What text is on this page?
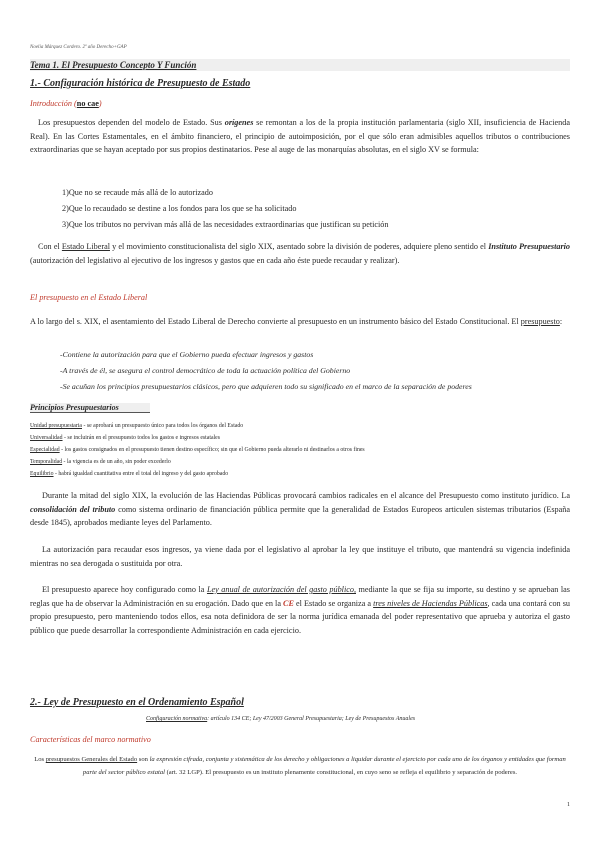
Noelia Márquez Cordero. 2º año Derecho+GAP
Tema 1. El Presupuesto Concepto Y Función
1.- Configuración histórica de Presupuesto de Estado
Introducción (no cae)
Los presupuestos dependen del modelo de Estado. Sus orígenes se remontan a los de la propia institución parlamentaria (siglo XII, insuficiencia de Hacienda Real). En las Cortes Estamentales, en el ámbito financiero, el principio de autoimposición, por el que sólo eran admisibles aquellos tributos o contribuciones extraordinarias que se hayan aceptado por sus propios destinatarios. Pese al auge de las monarquías absolutas, en el siglo XV se formula:
1)Que no se recaude más allá de lo autorizado
2)Que lo recaudado se destine a los fondos para los que se ha solicitado
3)Que los tributos no pervivan más allá de las necesidades extraordinarias que justifican su petición
Con el Estado Liberal y el movimiento constitucionalista del siglo XIX, asentado sobre la división de poderes, adquiere pleno sentido el Instituto Presupuestario (autorización del legislativo al ejecutivo de los ingresos y gastos que en cada año éste puede recaudar y realizar).
El presupuesto en el Estado Liberal
A lo largo del s. XIX, el asentamiento del Estado Liberal de Derecho convierte al presupuesto en un instrumento básico del Estado Constitucional. El presupuesto:
-Contiene la autorización para que el Gobierno pueda efectuar ingresos y gastos
-A través de él, se asegura el control democrático de toda la actuación política del Gobierno
-Se acuñan los principios presupuestarios clásicos, pero que adquieren todo su significado en el marco de la separación de poderes
Principios Presupuestarios
Unidad presupuestaria - se aprobará un presupuesto único para todos los órganos del Estado
Universalidad - se incluirán en el presupuesto todos los gastos e ingresos estatales
Especialidad - los gastos consignados en el presupuesto tienen destino específico; sin que el Gobierno pueda alterarlo ni destinarlos a otros fines
Temporalidad - la vigencia es de un año, sin poder excederlo
Equilibrio - habrá igualdad cuantitativa entre el total del ingreso y del gasto aprobado
Durante la mitad del siglo XIX, la evolución de las Haciendas Públicas provocará cambios radicales en el alcance del Presupuesto como instituto jurídico. La consolidación del tributo como sistema ordinario de financiación pública permite que la generalidad de Estados Europeos articulen sistemas tributarios (España desde 1845), aprobados mediante leyes del Parlamento.
La autorización para recaudar esos ingresos, ya viene dada por el legislativo al aprobar la ley que instituye el tributo, que mantendrá su vigencia indefinida mientras no sea derogada o sustituida por otra.
El presupuesto aparece hoy configurado como la Ley anual de autorización del gasto público, mediante la que se fija su importe, su destino y se aprueban las reglas que ha de observar la Administración en su erogación. Dado que en la CE el Estado se organiza a tres niveles de Haciendas Públicas, cada una contará con su propio presupuesto, pero manteniendo todos ellos, esa nota definidora de ser la norma jurídica emanada del poder representativo que aprueba y autoriza el gasto público que puede desarrollar la correspondiente Administración en cada ejercicio.
2.- Ley de Presupuesto en el Ordenamiento Español
Configuración normativa: artículo 134 CE; Ley 47/2003 General Presupuestaria; Ley de Presupuestos Anuales
Características del marco normativo
Los presupuestos Generales del Estado son la expresión cifrada, conjunta y sistemática de los derecho y obligaciones a liquidar durante el ejercicio por cada uno de los órganos y entidades que forman parte del sector público estatal (art. 32 LGP). El presupuesto es un instituto plenamente constitucional, en cuyo seno se refleja el equilibrio y separación de poderes.
1
